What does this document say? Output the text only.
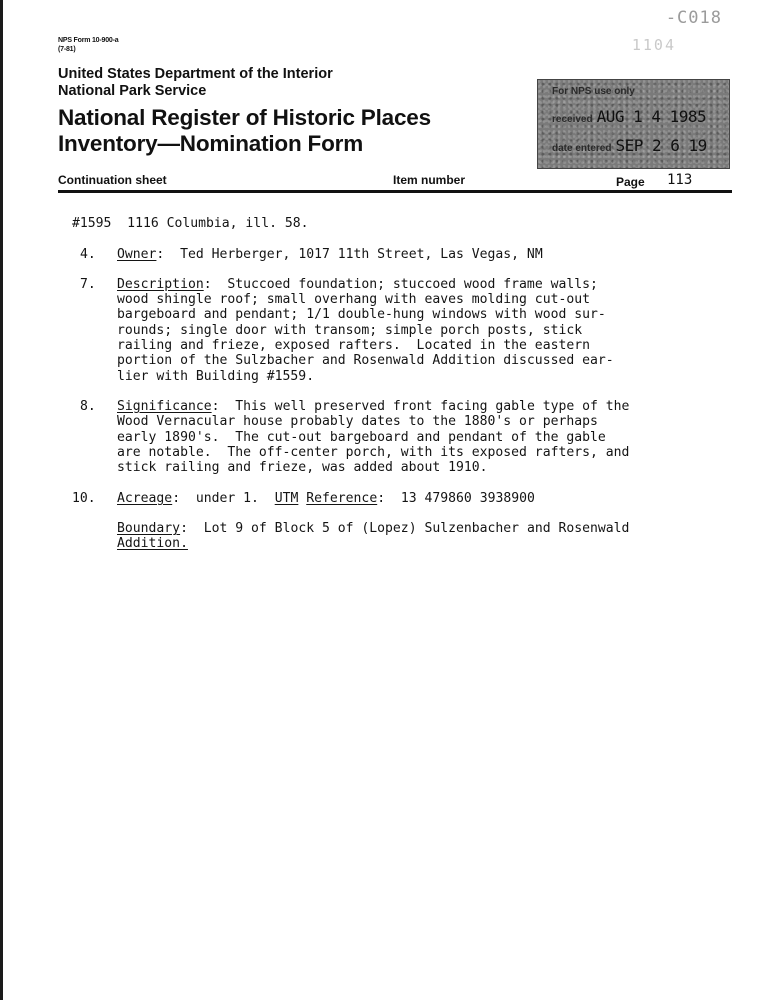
NPS Form 10-900-a
(7-81)
-C018
1104
United States Department of the Interior
National Park Service
National Register of Historic Places
Inventory—Nomination Form
For NPS use only
received AUG 1 4 1985
date entered SEP 2 6 19
Continuation sheet	Item number	Page 113
#1595  1116 Columbia, ill. 58.
4. Owner:  Ted Herberger, 1017 11th Street, Las Vegas, NM
7. Description:  Stuccoed foundation; stuccoed wood frame walls;
wood shingle roof; small overhang with eaves molding cut-out
bargeboard and pendant; 1/1 double-hung windows with wood sur-
rounds; single door with transom; simple porch posts, stick
railing and frieze, exposed rafters.  Located in the eastern
portion of the Sulzbacher and Rosenwald Addition discussed ear-
lier with Building #1559.
8. Significance:  This well preserved front facing gable type of the
Wood Vernacular house probably dates to the 1880's or perhaps
early 1890's.  The cut-out bargeboard and pendant of the gable
are notable.  The off-center porch, with its exposed rafters, and
stick railing and frieze, was added about 1910.
10. Acreage:  under 1. UTM Reference:  13 479860 3938900
Boundary:  Lot 9 of Block 5 of (Lopez) Sulzenbacher and Rosenwald
Addition.
